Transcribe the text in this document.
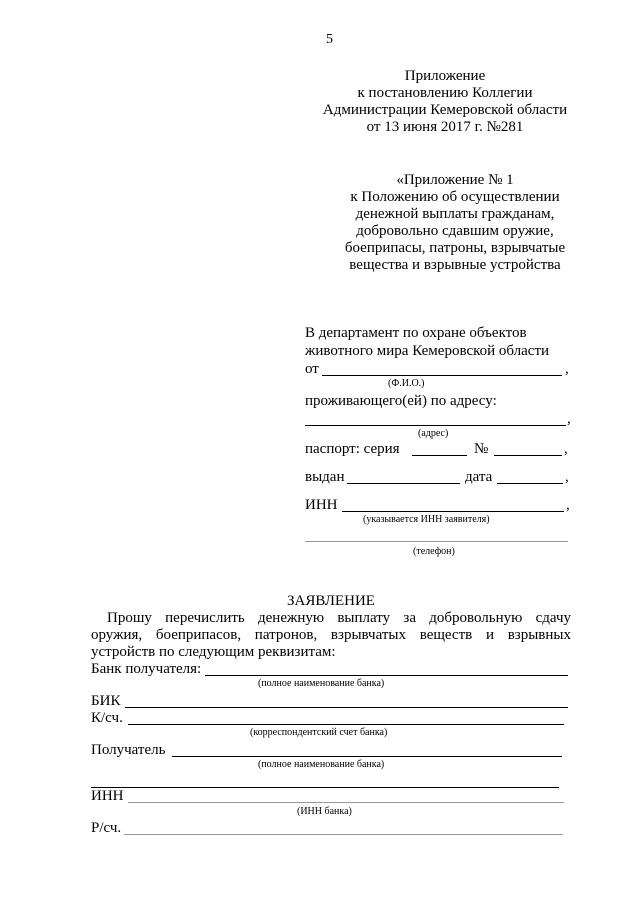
5
Приложение
к постановлению Коллегии
Администрации Кемеровской области
от 13 июня 2017 г. №281
«Приложение № 1
к Положению об осуществлении
денежной выплаты гражданам,
добровольно сдавшим оружие,
боеприпасы, патроны, взрывчатые
вещества и взрывные устройства
В департамент по охране объектов
животного мира Кемеровской области
от	,
(Ф.И.О.)
проживающего(ей) по адресу:
,
(адрес)
паспорт: серия	№	,
выдан	дата	,
ИНН	,
(указывается ИНН заявителя)
(телефон)
ЗАЯВЛЕНИЕ
Прошу перечислить денежную выплату за добровольную сдачу
оружия, боеприпасов, патронов, взрывчатых веществ и взрывных
устройств по следующим реквизитам:
Банк получателя:
(полное наименование банка)
БИК
К/сч.
(корреспондентский счет банка)
Получатель
(полное наименование банка)
ИНН
(ИНН банка)
Р/сч.
